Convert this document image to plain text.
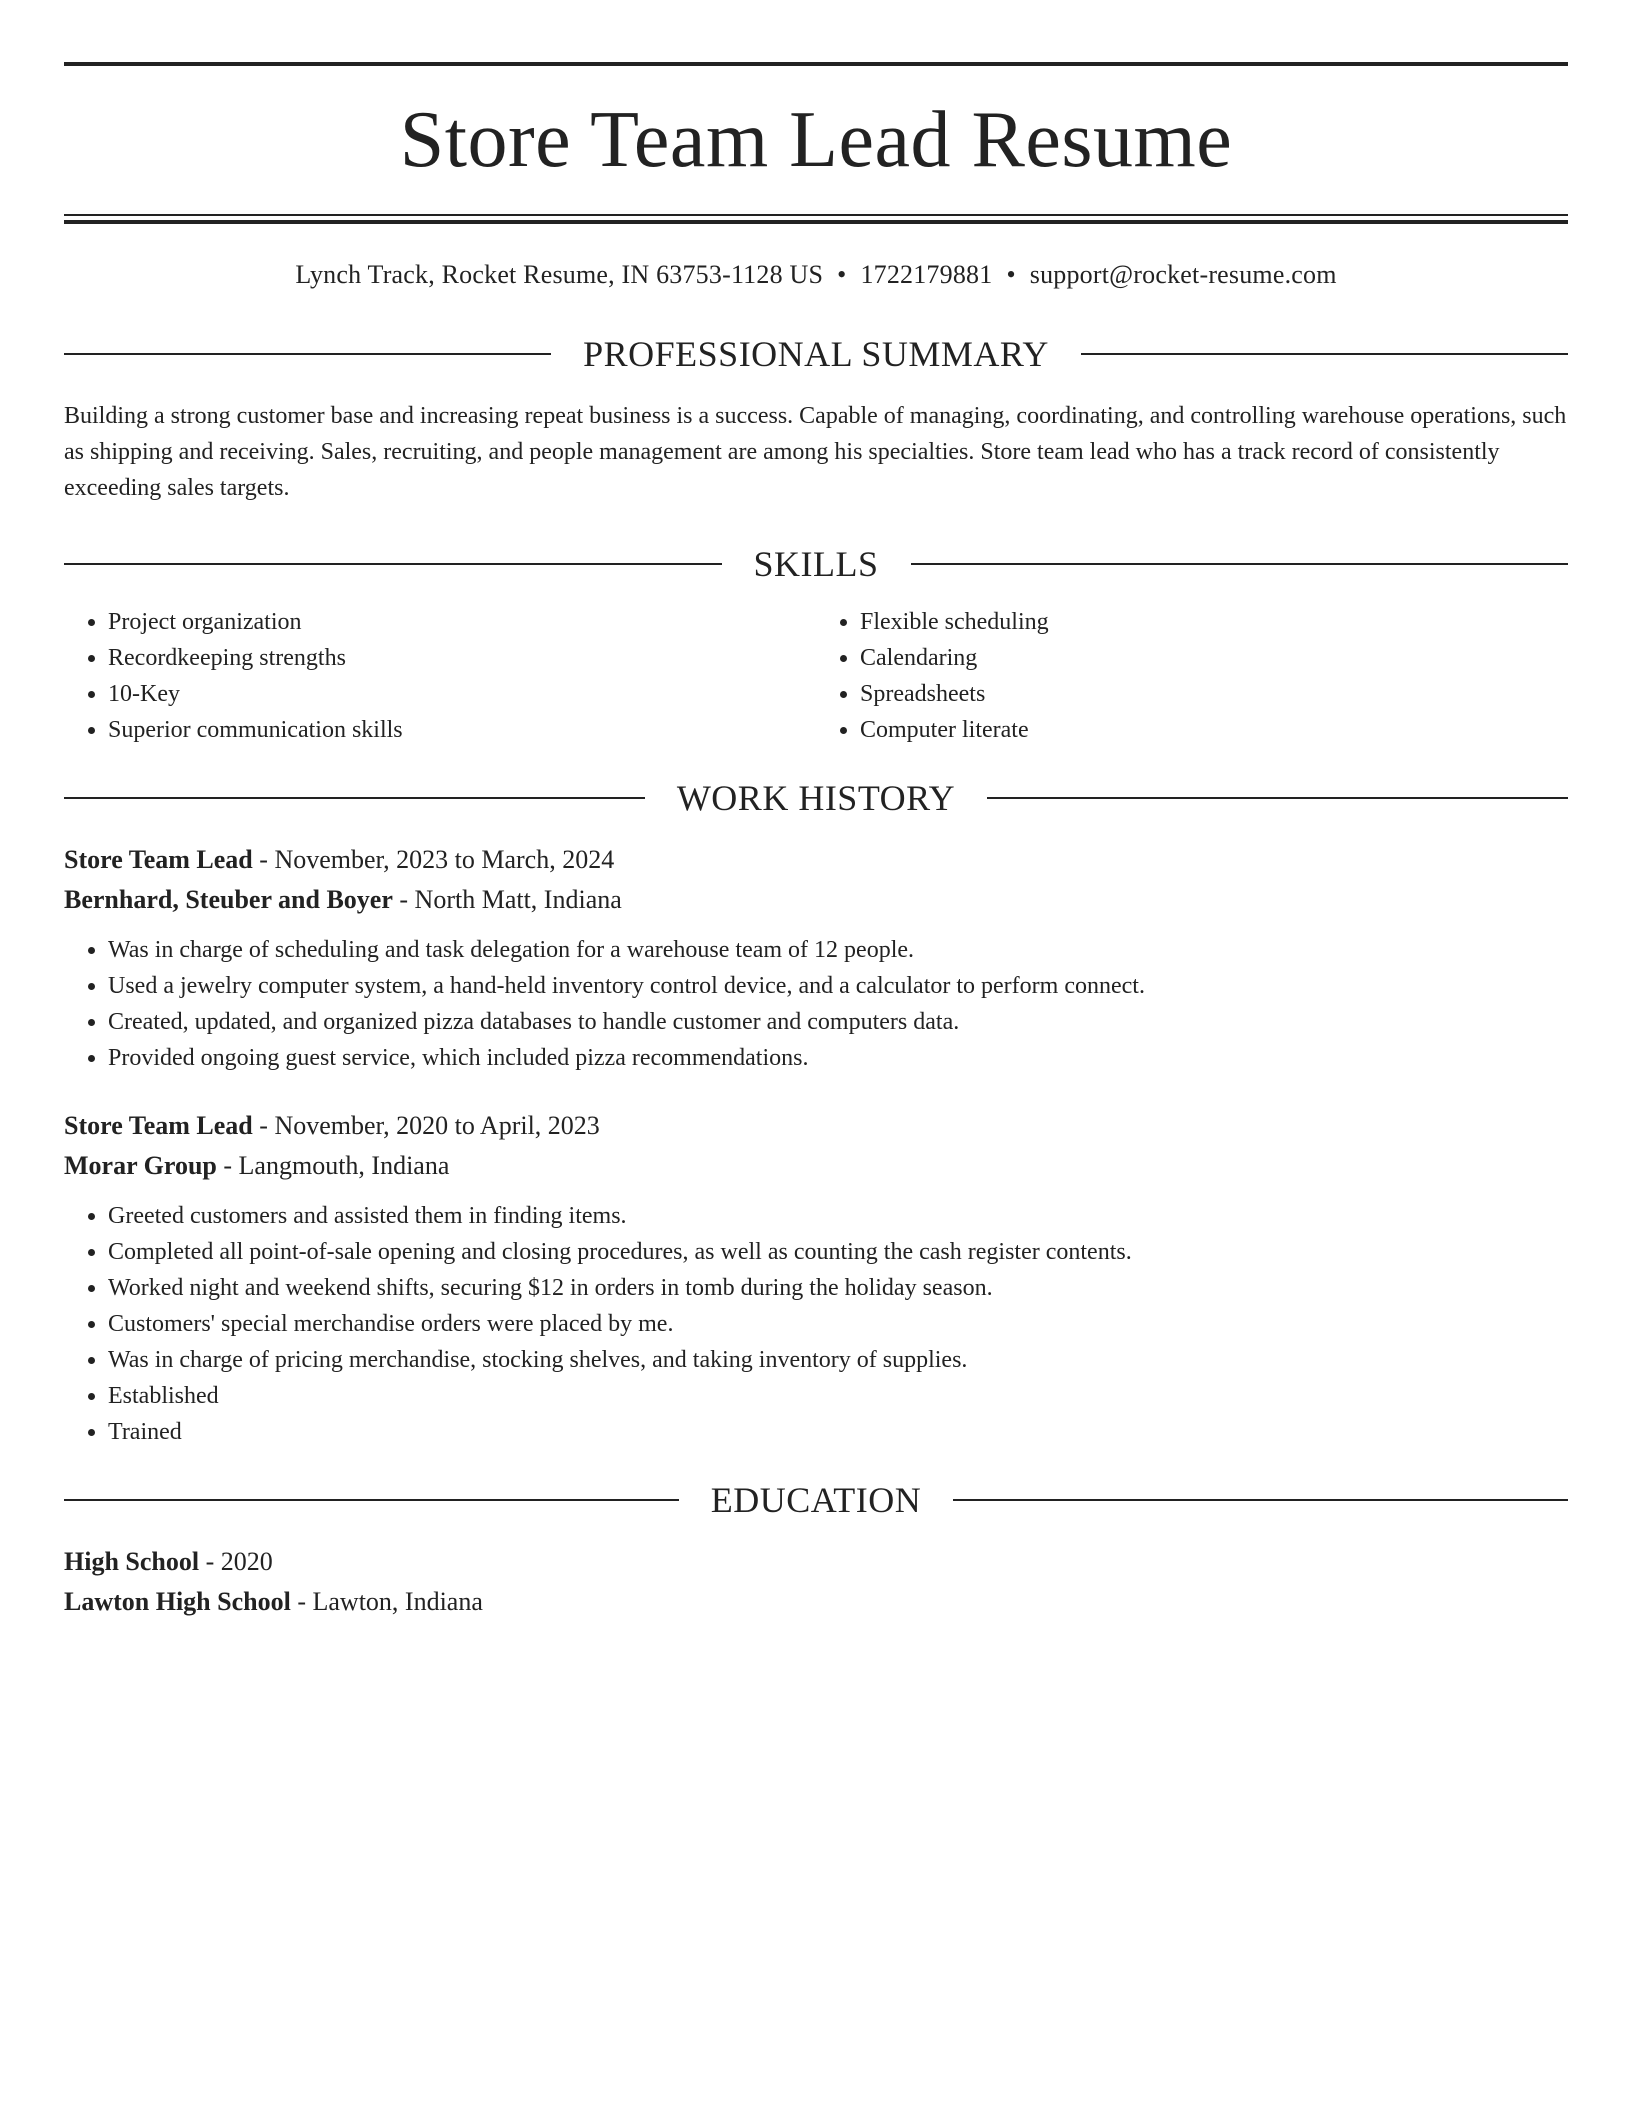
Store Team Lead Resume
Lynch Track, Rocket Resume, IN 63753-1128 US • 1722179881 • support@rocket-resume.com
PROFESSIONAL SUMMARY
Building a strong customer base and increasing repeat business is a success. Capable of managing, coordinating, and controlling warehouse operations, such as shipping and receiving. Sales, recruiting, and people management are among his specialties. Store team lead who has a track record of consistently exceeding sales targets.
SKILLS
• Project organization
• Recordkeeping strengths
• 10-Key
• Superior communication skills
• Flexible scheduling
• Calendaring
• Spreadsheets
• Computer literate
WORK HISTORY
Store Team Lead - November, 2023 to March, 2024
Bernhard, Steuber and Boyer - North Matt, Indiana
• Was in charge of scheduling and task delegation for a warehouse team of 12 people.
• Used a jewelry computer system, a hand-held inventory control device, and a calculator to perform connect.
• Created, updated, and organized pizza databases to handle customer and computers data.
• Provided ongoing guest service, which included pizza recommendations.
Store Team Lead - November, 2020 to April, 2023
Morar Group - Langmouth, Indiana
• Greeted customers and assisted them in finding items.
• Completed all point-of-sale opening and closing procedures, as well as counting the cash register contents.
• Worked night and weekend shifts, securing $12 in orders in tomb during the holiday season.
• Customers' special merchandise orders were placed by me.
• Was in charge of pricing merchandise, stocking shelves, and taking inventory of supplies.
• Established
• Trained
EDUCATION
High School - 2020
Lawton High School - Lawton, Indiana
